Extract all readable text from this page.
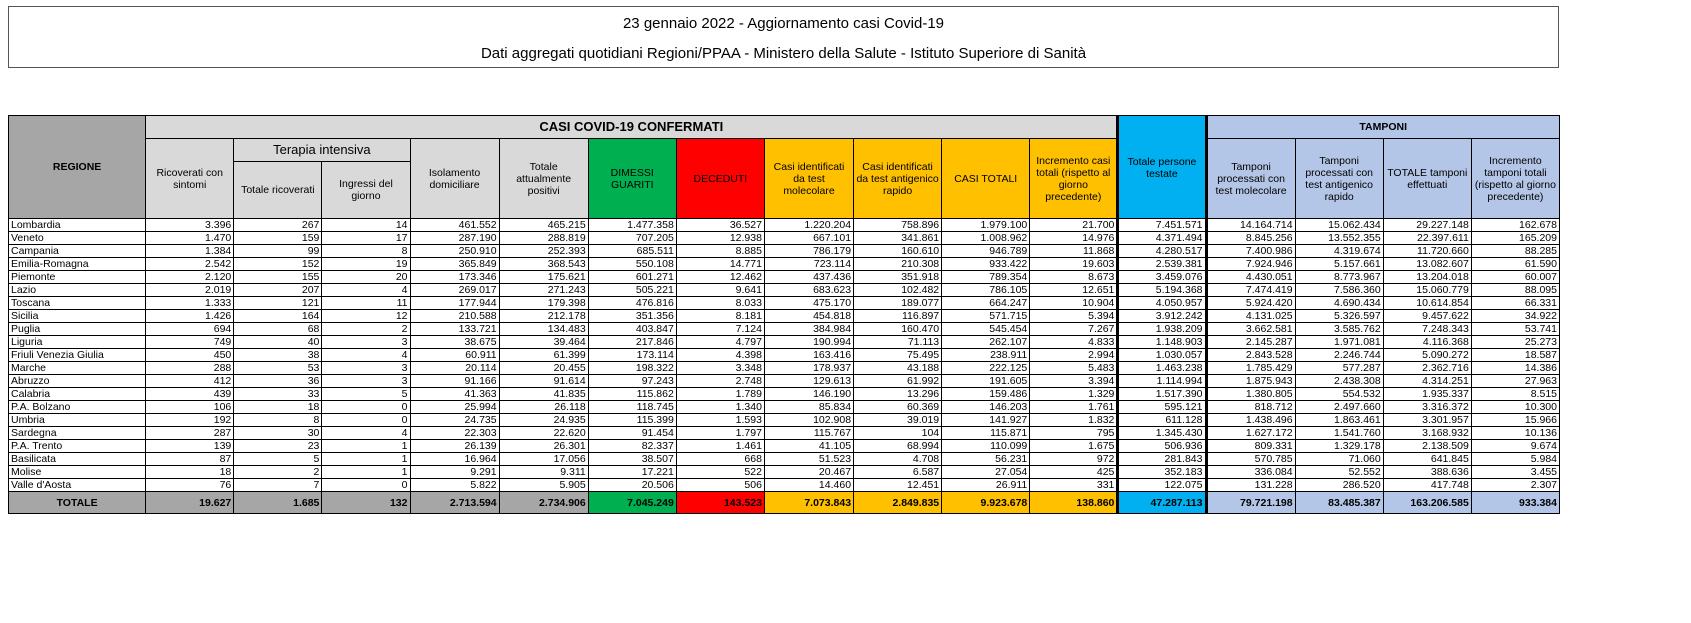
23 gennaio 2022 - Aggiornamento casi Covid-19
Dati aggregati quotidiani Regioni/PPAA - Ministero della Salute - Istituto Superiore di Sanità
REGIONE	CASI COVID-19 CONFERMATI											Totale persone testate	TAMPONI			
	Ricoverati con sintomi	Terapia intensiva		Isolamento domiciliare	Totale attualmente positivi	DIMESSI GUARITI	DECEDUTI	Casi identificati da test molecolare	Casi identificati da test antigenico rapido	CASI TOTALI	Incremento casi totali (rispetto al giorno precedente)		Tamponi processati con test molecolare	Tamponi processati con test antigenico rapido	TOTALE tamponi effettuati	Incremento tamponi totali (rispetto al giorno precedente)
		Totale ricoverati	Ingressi del giorno													
Lombardia	3.396	267	14	461.552	465.215	1.477.358	36.527	1.220.204	758.896	1.979.100	21.700	7.451.571	14.164.714	15.062.434	29.227.148	162.678
Veneto	1.470	159	17	287.190	288.819	707.205	12.938	667.101	341.861	1.008.962	14.976	4.371.494	8.845.256	13.552.355	22.397.611	165.209
Campania	1.384	99	8	250.910	252.393	685.511	8.885	786.179	160.610	946.789	11.868	4.280.517	7.400.986	4.319.674	11.720.660	88.285
Emilia-Romagna	2.542	152	19	365.849	368.543	550.108	14.771	723.114	210.308	933.422	19.603	2.539.381	7.924.946	5.157.661	13.082.607	61.590
Piemonte	2.120	155	20	173.346	175.621	601.271	12.462	437.436	351.918	789.354	8.673	3.459.076	4.430.051	8.773.967	13.204.018	60.007
Lazio	2.019	207	4	269.017	271.243	505.221	9.641	683.623	102.482	786.105	12.651	5.194.368	7.474.419	7.586.360	15.060.779	88.095
Toscana	1.333	121	11	177.944	179.398	476.816	8.033	475.170	189.077	664.247	10.904	4.050.957	5.924.420	4.690.434	10.614.854	66.331
Sicilia	1.426	164	12	210.588	212.178	351.356	8.181	454.818	116.897	571.715	5.394	3.912.242	4.131.025	5.326.597	9.457.622	34.922
Puglia	694	68	2	133.721	134.483	403.847	7.124	384.984	160.470	545.454	7.267	1.938.209	3.662.581	3.585.762	7.248.343	53.741
Liguria	749	40	3	38.675	39.464	217.846	4.797	190.994	71.113	262.107	4.833	1.148.903	2.145.287	1.971.081	4.116.368	25.273
Friuli Venezia Giulia	450	38	4	60.911	61.399	173.114	4.398	163.416	75.495	238.911	2.994	1.030.057	2.843.528	2.246.744	5.090.272	18.587
Marche	288	53	3	20.114	20.455	198.322	3.348	178.937	43.188	222.125	5.483	1.463.238	1.785.429	577.287	2.362.716	14.386
Abruzzo	412	36	3	91.166	91.614	97.243	2.748	129.613	61.992	191.605	3.394	1.114.994	1.875.943	2.438.308	4.314.251	27.963
Calabria	439	33	5	41.363	41.835	115.862	1.789	146.190	13.296	159.486	1.329	1.517.390	1.380.805	554.532	1.935.337	8.515
P.A. Bolzano	106	18	0	25.994	26.118	118.745	1.340	85.834	60.369	146.203	1.761	595.121	818.712	2.497.660	3.316.372	10.300
Umbria	192	8	0	24.735	24.935	115.399	1.593	102.908	39.019	141.927	1.832	611.128	1.438.496	1.863.461	3.301.957	15.966
Sardegna	287	30	4	22.303	22.620	91.454	1.797	115.767	104	115.871	795	1.345.430	1.627.172	1.541.760	3.168.932	10.136
P.A. Trento	139	23	1	26.139	26.301	82.337	1.461	41.105	68.994	110.099	1.675	506.936	809.331	1.329.178	2.138.509	9.674
Basilicata	87	5	1	16.964	17.056	38.507	668	51.523	4.708	56.231	972	281.843	570.785	71.060	641.845	5.984
Molise	18	2	1	9.291	9.311	17.221	522	20.467	6.587	27.054	425	352.183	336.084	52.552	388.636	3.455
Valle d'Aosta	76	7	0	5.822	5.905	20.506	506	14.460	12.451	26.911	331	122.075	131.228	286.520	417.748	2.307
TOTALE	19.627	1.685	132	2.713.594	2.734.906	7.045.249	143.523	7.073.843	2.849.835	9.923.678	138.860	47.287.113	79.721.198	83.485.387	163.206.585	933.384
